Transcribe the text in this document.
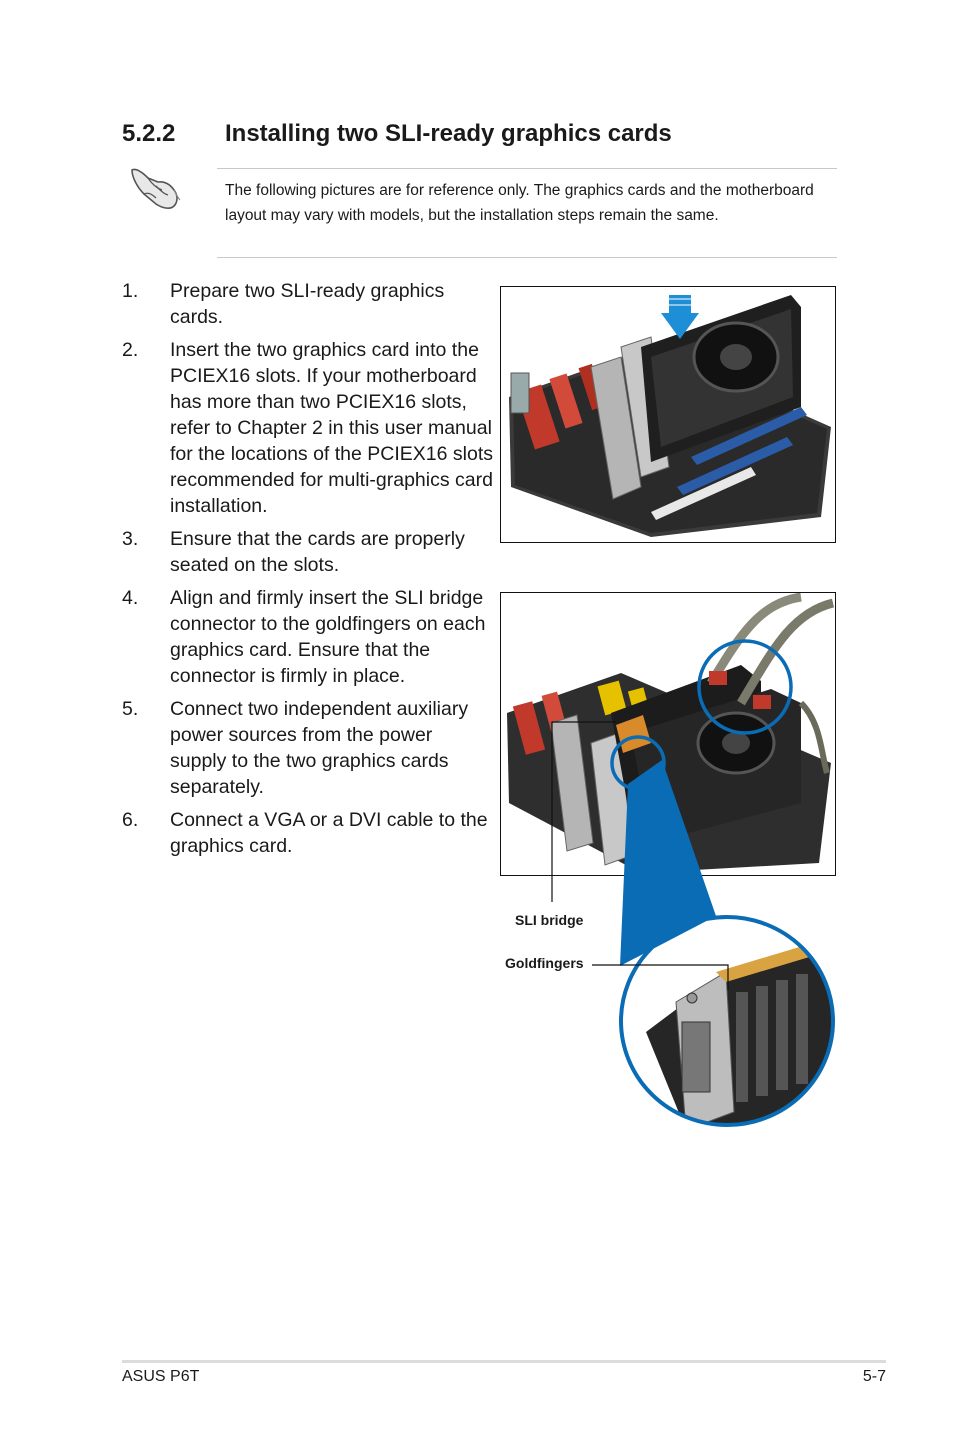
5.2.2 Installing two SLI-ready graphics cards

The following pictures are for reference only. The graphics cards and the motherboard layout may vary with models, but the installation steps remain the same.

1. Prepare two SLI-ready graphics cards.
2. Insert the two graphics card into the PCIEX16 slots. If your motherboard has more than two PCIEX16 slots, refer to Chapter 2 in this user manual for the locations of the PCIEX16 slots recommended for multi-graphics card installation.
3. Ensure that the cards are properly seated on the slots.
4. Align and firmly insert the SLI bridge connector to the goldfingers on each graphics card. Ensure that the connector is firmly in place.
5. Connect two independent auxiliary power sources from the power supply to the two graphics cards separately.
6. Connect a VGA or a DVI cable to the graphics card.
SLI bridge
Goldfingers
ASUS P6T	5-7
